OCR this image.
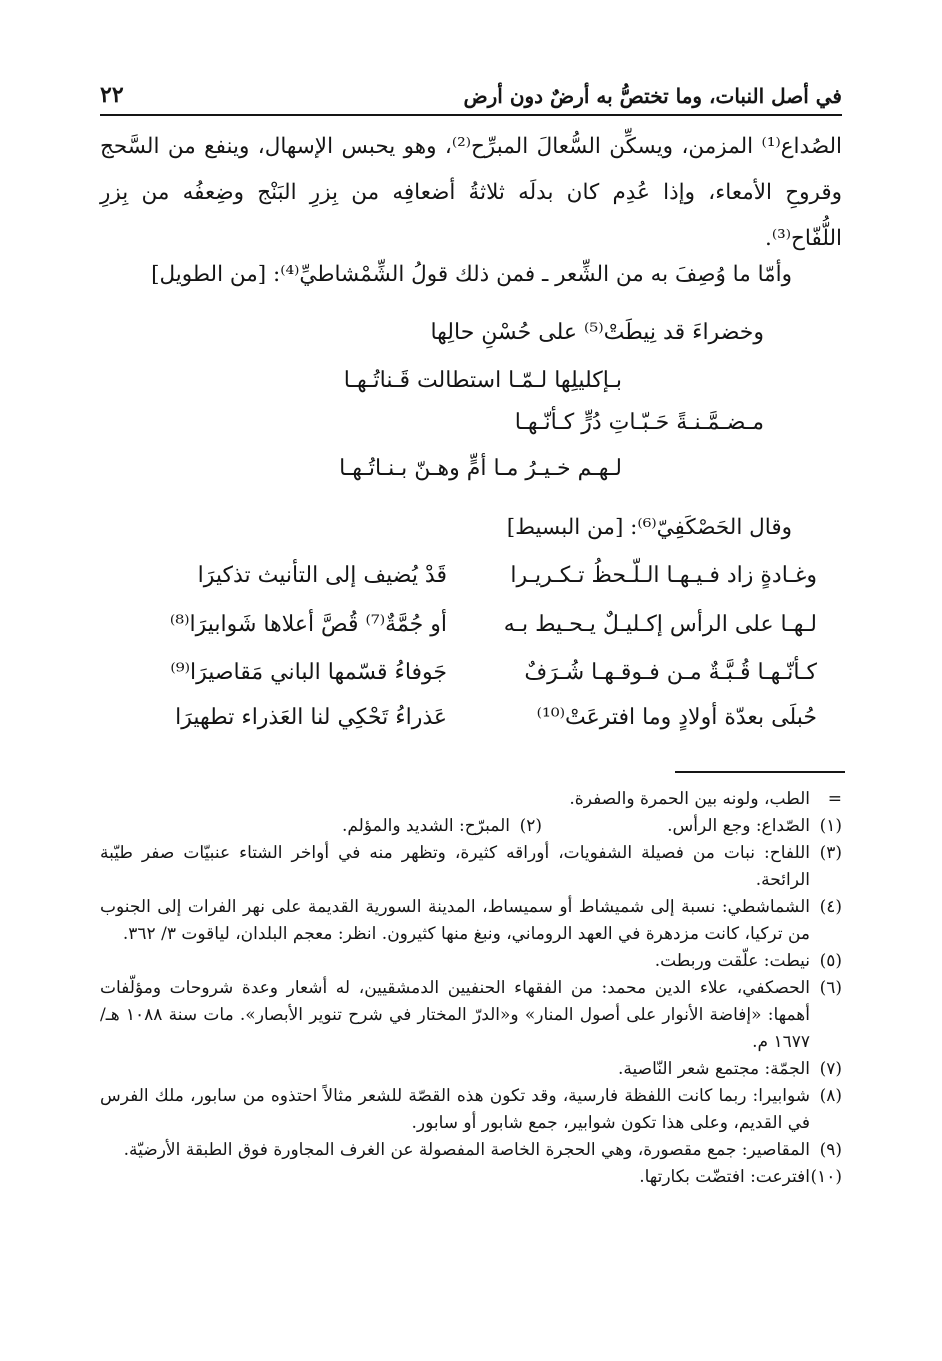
٢٢	في أصل النبات، وما تختصُّ به أرضٌ دون أرض

الصُداع⁽¹⁾ المزمن، ويسكِّن السُّعالَ المبرِّح⁽²⁾، وهو يحبس الإسهال، وينفع من السَّحج وقروحِ الأمعاء، وإذا عُدِم كان بدلَه ثلاثةُ أضعافِه من بِزرِ البَنْج وضِعفُه من بِزرِ اللُّفّاح⁽³⁾.

وأمّا ما وُصِفَ به من الشِّعر ـ فمن ذلك قولُ الشِّمْشاطيِّ⁽⁴⁾: [من الطويل]
وخضراءَ قد نِيطَتْ⁽⁵⁾ على حُسْنِ حالِها
بـإكليلِها لـمّـا استطالت قَـناتُـهـا
مـضـمَّـنـةً حَـبّـاتِ دُرٍّ كـأنّـهـا
لـهـم خـيـرُ مـا أمٍّ وهـنّ بـنـاتُـهـا
وقال الحَصْكَفِيّ⁽⁶⁾: [من البسيط]
وغـادةٍ زاد فـيـهـا الـلّـحظُ تـكـريـرا
قَدْ يُضيف إلى التأنيث تذكيرَا
لـهـا على الرأس إكـليـلٌ يـحـيط بـه
أو جُمَّةٌ⁽⁷⁾ قُصَّ أعلاها شَوابيرَا⁽⁸⁾
كـأنّـهـا قُـبَّـةٌ مـن فـوقـهـا شُـرَفٌ
جَوفاءُ قسّمها الباني مَقاصيرَا⁽⁹⁾
حُبلَى بعدّة أولادٍ وما افترعَتْ⁽¹⁰⁾
عَذراءُ تَحْكِي لنا العَذراء تطهيرَا
=
الطب، ولونه بين الحمرة والصفرة.
(١)
الصّداع: وجع الرأس.
(٢)
المبرّح: الشديد والمؤلم.
(٣)
اللفاح: نبات من فصيلة الشفويات، أوراقه كثيرة، وتظهر منه في أواخر الشتاء عنبيّات صفر طيّبة الرائحة.
(٤)
الشماشطي: نسبة إلى شميشاط أو سميساط، المدينة السورية القديمة على نهر الفرات إلى الجنوب من تركيا، كانت مزدهرة في العهد الروماني، ونبغ منها كثيرون. انظر: معجم البلدان، لياقوت ٣/ ٣٦٢.
(٥)
نيطت: علّقت وربطت.
(٦)
الحصكفي، علاء الدين محمد: من الفقهاء الحنفيين الدمشقيين، له أشعار وعدة شروحات ومؤلّفات أهمها: «إفاضة الأنوار على أصول المنار» و«الدرّ المختار في شرح تنوير الأبصار». مات سنة ١٠٨٨ هـ/ ١٦٧٧ م.
(٧)
الجمّة: مجتمع شعر النّاصية.
(٨)
شوابيرا: ربما كانت اللفظة فارسية، وقد تكون هذه القصّة للشعر مثالاً احتذوه من سابور، ملك الفرس في القديم، وعلى هذا تكون شوابير، جمع شابور أو سابور.
(٩)
المقاصير: جمع مقصورة، وهي الحجرة الخاصة المفصولة عن الغرف المجاورة فوق الطبقة الأرضيّة.
(١٠)
افترعت: افتضّت بكارتها.
